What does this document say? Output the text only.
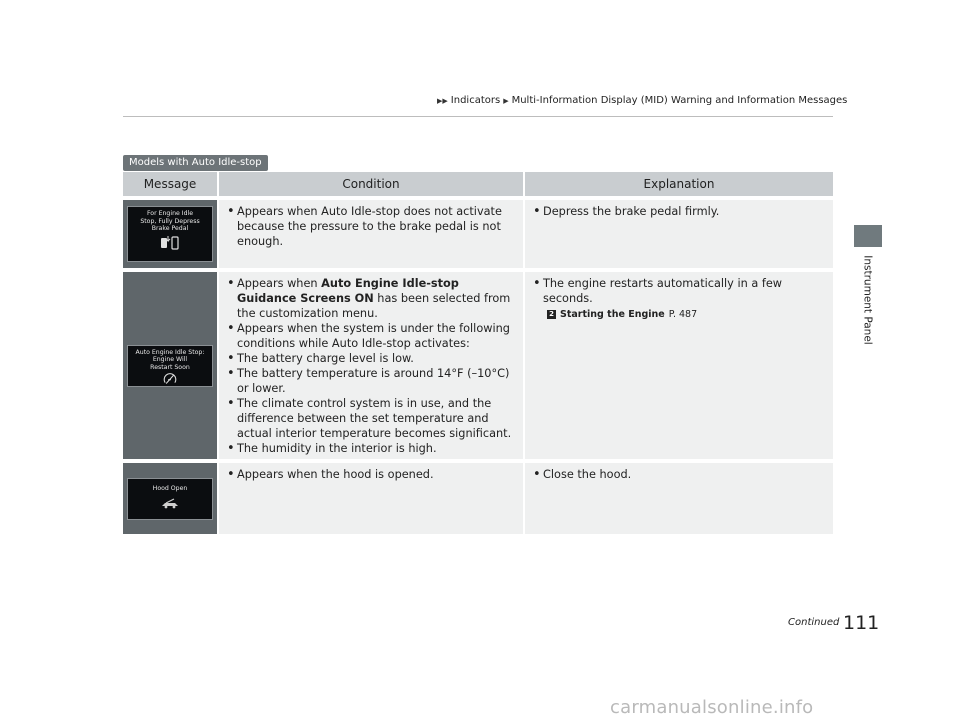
▶▶ Indicators ▶ Multi-Information Display (MID) Warning and Information Messages
Instrument Panel
Models with Auto Idle-stop
Message	Condition	Explanation
For Engine Idle
Stop, Fully Depress
Brake Pedal
• Appears when Auto Idle-stop does not activate because the pressure to the brake pedal is not enough.
• Depress the brake pedal firmly.
Auto Engine Idle Stop:
Engine Will
Restart Soon
• Appears when Auto Engine Idle-stop Guidance Screens ON has been selected from the customization menu.
• Appears when the system is under the following conditions while Auto Idle-stop activates:
• The battery charge level is low.
• The battery temperature is around 14°F (–10°C) or lower.
• The climate control system is in use, and the difference between the set temperature and actual interior temperature becomes significant.
• The humidity in the interior is high.
• The engine restarts automatically in a few seconds.
2 Starting the Engine P. 487
Hood Open
• Appears when the hood is opened.
•	Close the hood.
Continued 111
carmanualsonline.info
